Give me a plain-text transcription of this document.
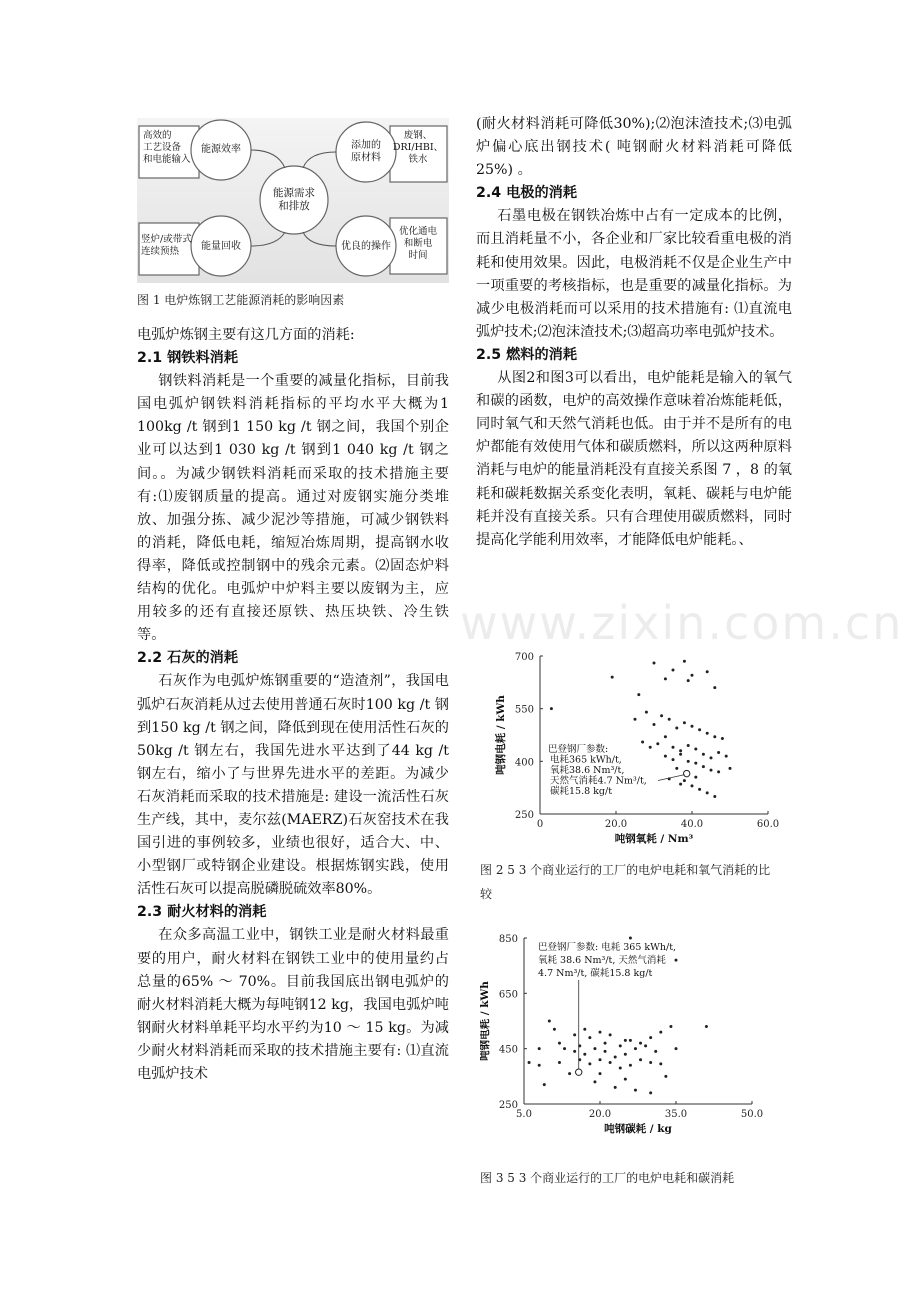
高效的工艺设备和电能输入
能源效率	添加的原材料
废钢、 DRI/HBI、铁水
能源需求和排放
竖炉/或带式连续预热	能量回收	优良的操作
优化通电和断电时间
图 1 电炉炼钢工艺能源消耗的影响因素

电弧炉炼钢主要有这几方面的消耗:

2.1 钢铁料消耗

钢铁料消耗是一个重要的减量化指标，目前我国电弧炉钢铁料消耗指标的平均水平大概为1 100kg /t 钢到1 150 kg /t 钢之间，我国个别企业可以达到1 030 kg /t 钢到1 040 kg /t 钢之间。。为减少钢铁料消耗而采取的技术措施主要有:⑴废钢质量的提高。通过对废钢实施分类堆放、加强分拣、减少泥沙等措施，可减少钢铁料的消耗，降低电耗，缩短冶炼周期，提高钢水收得率，降低或控制钢中的残余元素。⑵固态炉料结构的优化。电弧炉中炉料主要以废钢为主，应用较多的还有直接还原铁、热压块铁、冷生铁等。

2.2 石灰的消耗

石灰作为电弧炉炼钢重要的“造渣剂”，我国电弧炉石灰消耗从过去使用普通石灰时100 kg /t 钢到150 kg /t 钢之间，降低到现在使用活性石灰的50kg /t 钢左右，我国先进水平达到了44 kg /t 钢左右，缩小了与世界先进水平的差距。为减少石灰消耗而采取的技术措施是: 建设一流活性石灰生产线，其中，麦尔兹(MAERZ)石灰窑技术在我国引进的事例较多，业绩也很好，适合大、中、小型钢厂或特钢企业建设。根据炼钢实践，使用活性石灰可以提高脱磷脱硫效率80%。

2.3 耐火材料的消耗

在众多高温工业中，钢铁工业是耐火材料最重要的用户，耐火材料在钢铁工业中的使用量约占总量的65% ～ 70%。目前我国底出钢电弧炉的耐火材料消耗大概为每吨钢12 kg，我国电弧炉吨钢耐火材料单耗平均水平约为10 ～ 15 kg。为减少耐火材料消耗而采取的技术措施主要有: ⑴直流电弧炉技术

(耐火材料消耗可降低30%);⑵泡沫渣技术;⑶电弧炉偏心底出钢技术( 吨钢耐火材料消耗可降低25%) 。

2.4 电极的消耗

石墨电极在钢铁冶炼中占有一定成本的比例，而且消耗量不小，各企业和厂家比较看重电极的消耗和使用效果。因此，电极消耗不仅是企业生产中一项重要的考核指标，也是重要的减量化指标。为减少电极消耗而可以采用的技术措施有: ⑴直流电弧炉技术;⑵泡沫渣技术;⑶超高功率电弧炉技术。

2.5 燃料的消耗

从图2和图3可以看出，电炉能耗是输入的氧气和碳的函数，电炉的高效操作意味着冶炼能耗低，同时氧气和天然气消耗也低。由于并不是所有的电炉都能有效使用气体和碳质燃料，所以这两种原料消耗与电炉的能量消耗没有直接关系图 7 ，8 的氧耗和碳耗数据关系变化表明，氧耗、碳耗与电炉能耗并没有直接关系。只有合理使用碳质燃料，同时提高化学能利用效率，才能降低电炉能耗。、

www.zixin.com.cn
20.0	40.0	60.0
0
250
400
550
700
吨钢氧耗 / Nm³
吨钢电耗 / kWh	巴登钢厂参数:
电耗365 kWh/t,
氧耗38.6 Nm³/t,
天然气消耗4.7 Nm³/t,
碳耗15.8 kg/t
图 2 5 3 个商业运行的工厂的电炉电耗和氧气消耗的比较
5.0	20.0	35.0	50.0
250
450
650
850
吨钢碳耗 / kg
吨钢电耗 / kWh
巴登钢厂参数: 电耗 365 kWh/t,
氧耗 38.6 Nm³/t, 天然气消耗
4.7 Nm³/t, 碳耗15.8 kg/t
图 3 5 3 个商业运行的工厂的电炉电耗和碳消耗
